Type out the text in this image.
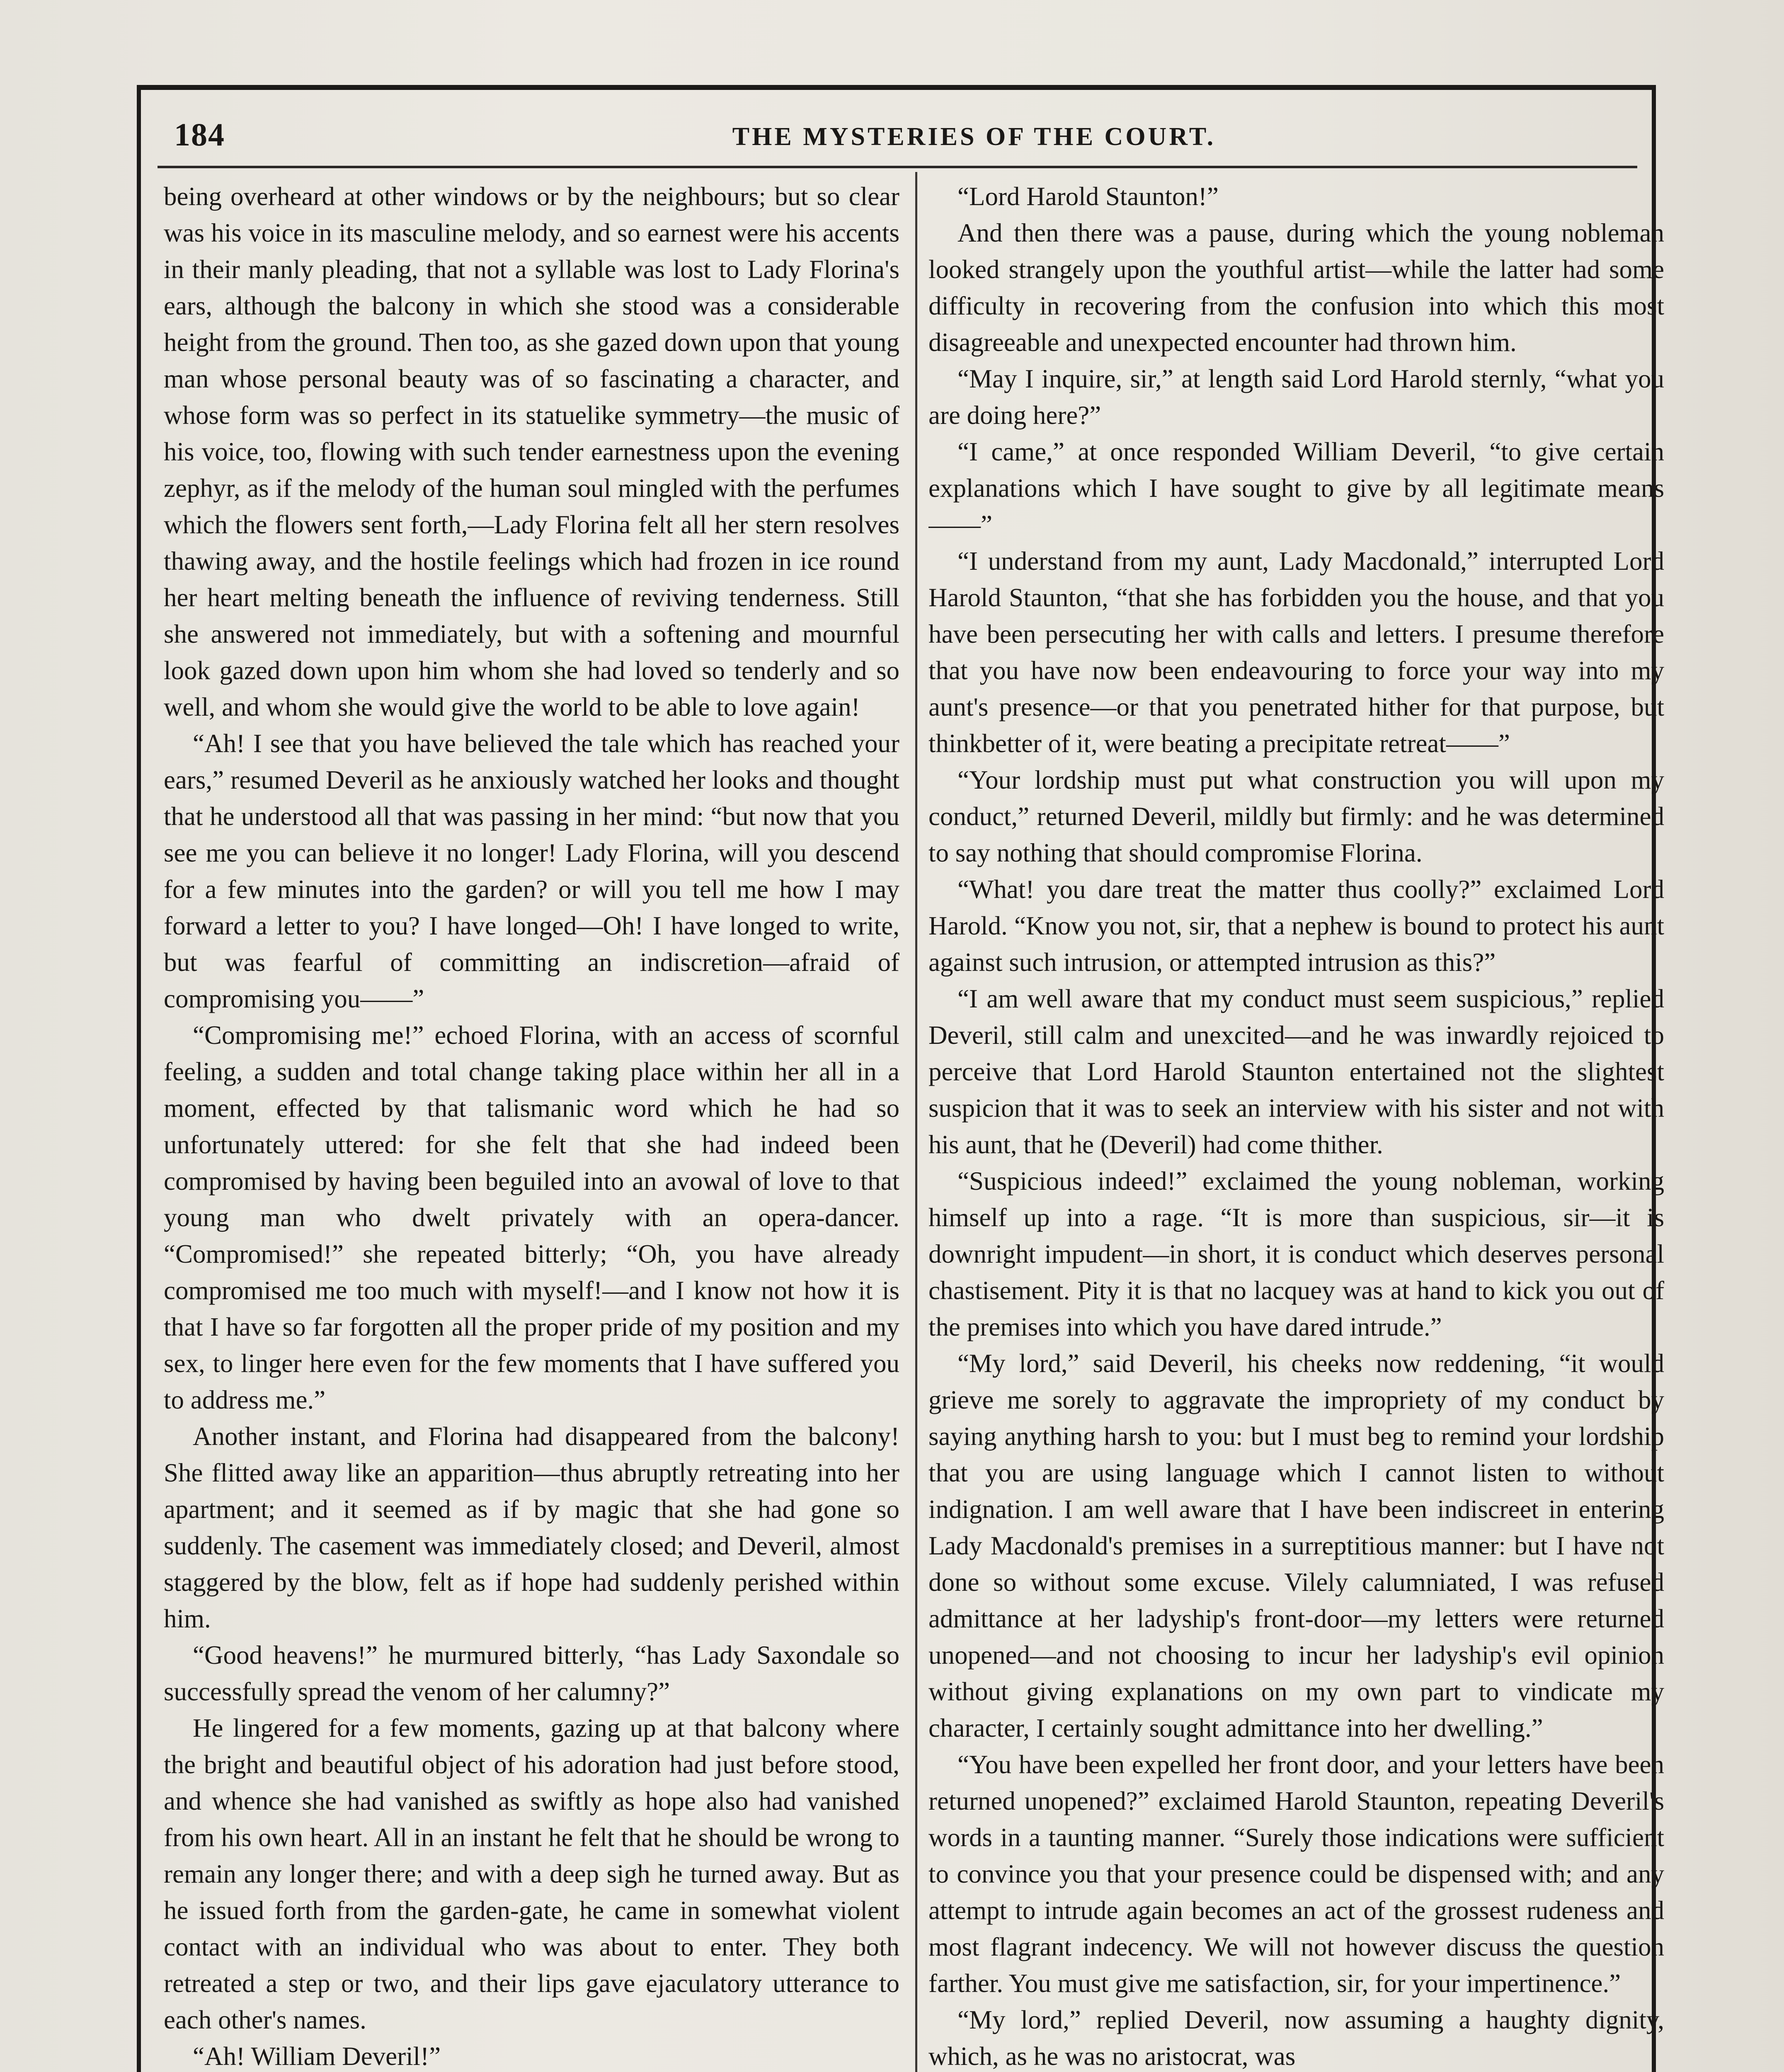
184	THE MYSTERIES OF THE COURT.

being overheard at other windows or by the neighbours; but so clear was his voice in its masculine melody, and so earnest were his accents in their manly pleading, that not a syllable was lost to Lady Florina's ears, although the balcony in which she stood was a considerable height from the ground. Then too, as she gazed down upon that young man whose personal beauty was of so fascinating a character, and whose form was so perfect in its statuelike symmetry—the music of his voice, too, flowing with such tender earnestness upon the evening zephyr, as if the melody of the human soul mingled with the perfumes which the flowers sent forth,—Lady Florina felt all her stern resolves thawing away, and the hostile feelings which had frozen in ice round her heart melting beneath the influence of reviving tenderness. Still she answered not immediately, but with a softening and mournful look gazed down upon him whom she had loved so tenderly and so well, and whom she would give the world to be able to love again!

“Ah! I see that you have believed the tale which has reached your ears,” resumed Deveril as he anxiously watched her looks and thought that he understood all that was passing in her mind: “but now that you see me you can believe it no longer! Lady Florina, will you descend for a few minutes into the garden? or will you tell me how I may forward a letter to you? I have longed—Oh! I have longed to write, but was fearful of committing an indiscretion—afraid of compromising you——”

“Compromising me!” echoed Florina, with an access of scornful feeling, a sudden and total change taking place within her all in a moment, effected by that talismanic word which he had so unfortunately uttered: for she felt that she had indeed been compromised by having been beguiled into an avowal of love to that young man who dwelt privately with an opera-dancer. “Compromised!” she repeated bitterly; “Oh, you have already compromised me too much with myself!—and I know not how it is that I have so far forgotten all the proper pride of my position and my sex, to linger here even for the few moments that I have suffered you to address me.”

Another instant, and Florina had disappeared from the balcony! She flitted away like an apparition—thus abruptly retreating into her apartment; and it seemed as if by magic that she had gone so suddenly. The casement was immediately closed; and Deveril, almost staggered by the blow, felt as if hope had suddenly perished within him.

“Good heavens!” he murmured bitterly, “has Lady Saxondale so successfully spread the venom of her calumny?”

He lingered for a few moments, gazing up at that balcony where the bright and beautiful object of his adoration had just before stood, and whence she had vanished as swiftly as hope also had vanished from his own heart. All in an instant he felt that he should be wrong to remain any longer there; and with a deep sigh he turned away. But as he issued forth from the garden-gate, he came in somewhat violent contact with an individual who was about to enter. They both retreated a step or two, and their lips gave ejaculatory utterance to each other's names.

“Ah! William Deveril!”

“Lord Harold Staunton!”

And then there was a pause, during which the young nobleman looked strangely upon the youthful artist—while the latter had some difficulty in recovering from the confusion into which this most disagreeable and unexpected encounter had thrown him.

“May I inquire, sir,” at length said Lord Harold sternly, “what you are doing here?”

“I came,” at once responded William Deveril, “to give certain explanations which I have sought to give by all legitimate means——”

“I understand from my aunt, Lady Macdonald,” interrupted Lord Harold Staunton, “that she has forbidden you the house, and that you have been persecuting her with calls and letters. I presume therefore that you have now been endeavouring to force your way into my aunt's presence—or that you penetrated hither for that purpose, but thinkbetter of it, were beating a precipitate retreat——”

“Your lordship must put what construction you will upon my conduct,” returned Deveril, mildly but firmly: and he was determined to say nothing that should compromise Florina.

“What! you dare treat the matter thus coolly?” exclaimed Lord Harold. “Know you not, sir, that a nephew is bound to protect his aunt against such intrusion, or attempted intrusion as this?”

“I am well aware that my conduct must seem suspicious,” replied Deveril, still calm and unexcited—and he was inwardly rejoiced to perceive that Lord Harold Staunton entertained not the slightest suspicion that it was to seek an interview with his sister and not with his aunt, that he (Deveril) had come thither.

“Suspicious indeed!” exclaimed the young nobleman, working himself up into a rage. “It is more than suspicious, sir—it is downright impudent—in short, it is conduct which deserves personal chastisement. Pity it is that no lacquey was at hand to kick you out of the premises into which you have dared intrude.”

“My lord,” said Deveril, his cheeks now reddening, “it would grieve me sorely to aggravate the impropriety of my conduct by saying anything harsh to you: but I must beg to remind your lordship that you are using language which I cannot listen to without indignation. I am well aware that I have been indiscreet in entering Lady Macdonald's premises in a surreptitious manner: but I have not done so without some excuse. Vilely calumniated, I was refused admittance at her ladyship's front-door—my letters were returned unopened—and not choosing to incur her ladyship's evil opinion without giving explanations on my own part to vindicate my character, I certainly sought admittance into her dwelling.”

“You have been expelled her front door, and your letters have been returned unopened?” exclaimed Harold Staunton, repeating Deveril's words in a taunting manner. “Surely those indications were sufficient to convince you that your presence could be dispensed with; and any attempt to intrude again becomes an act of the grossest rudeness and most flagrant indecency. We will not however discuss the question farther. You must give me satisfaction, sir, for your impertinence.”

“My lord,” replied Deveril, now assuming a haughty dignity, which, as he was no aristocrat, was
